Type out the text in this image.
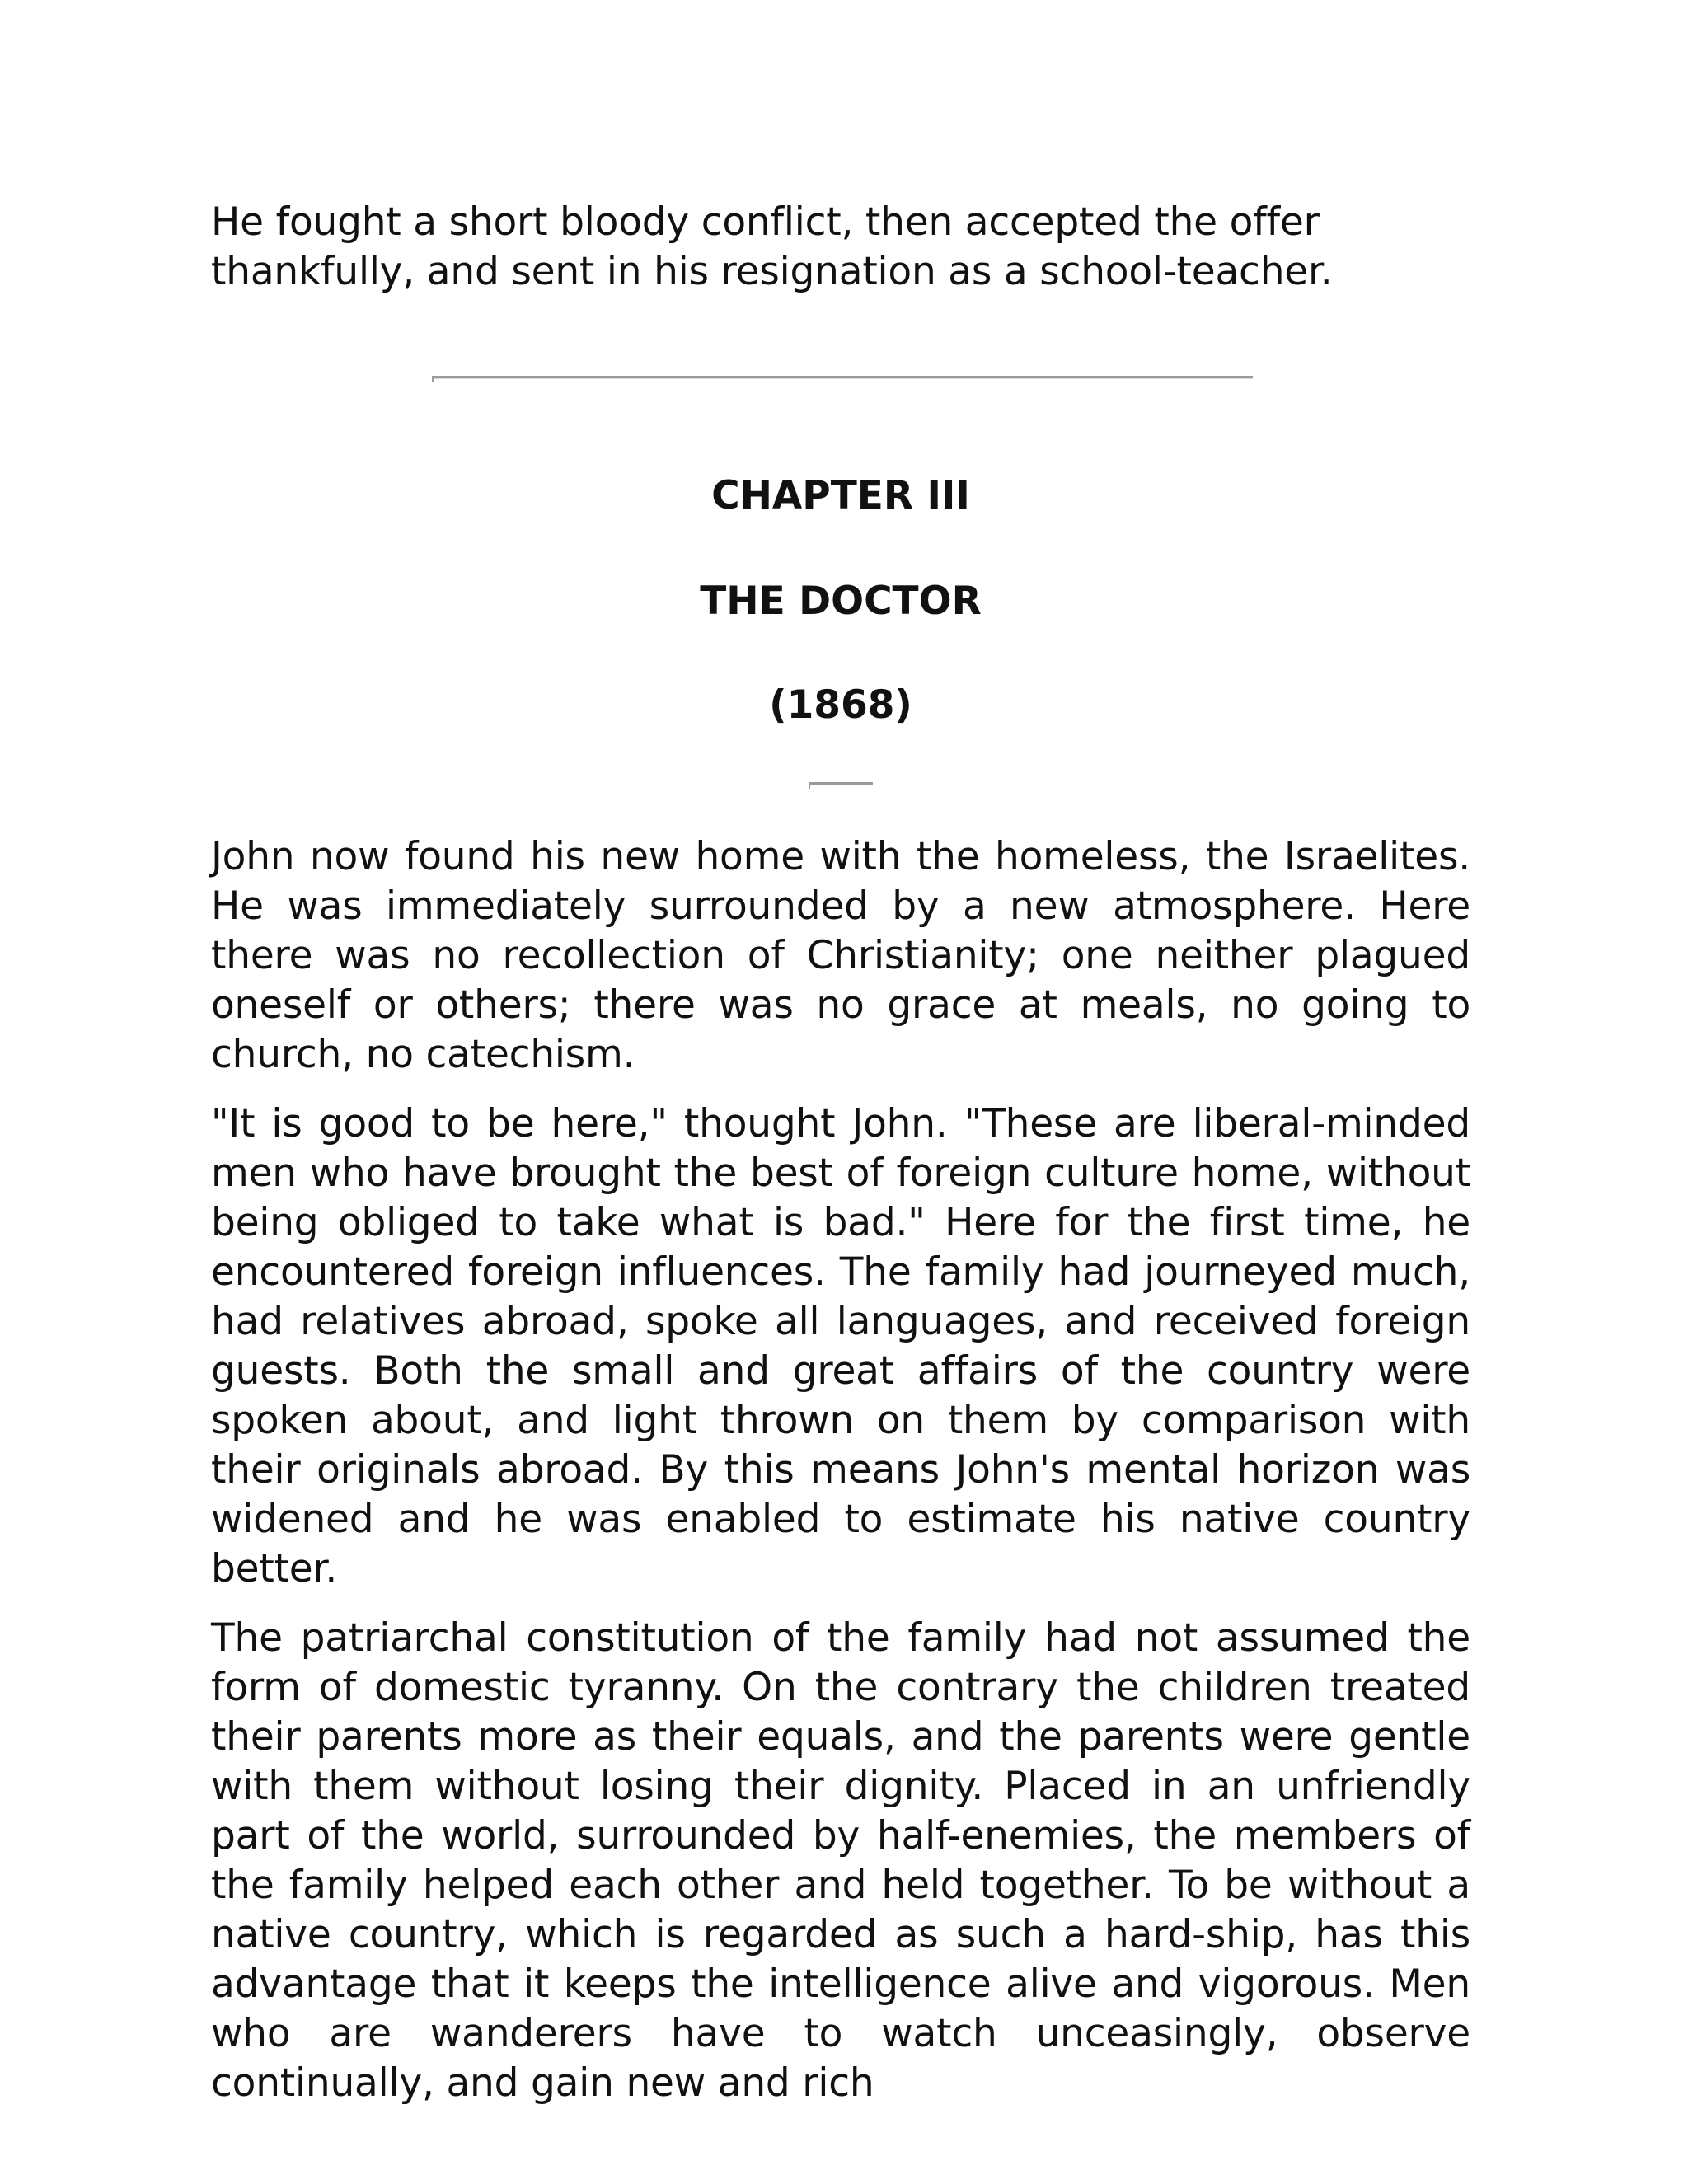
He fought a short bloody conflict, then accepted the offer thankfully, and sent in his resignation as a school-teacher.

CHAPTER III
THE DOCTOR
(1868)

John now found his new home with the homeless, the Israelites. He was immediately surrounded by a new atmosphere. Here there was no recollection of Christianity; one neither plagued oneself or others; there was no grace at meals, no going to church, no catechism.

"It is good to be here," thought John. "These are liberal-minded men who have brought the best of foreign culture home, without being obliged to take what is bad." Here for the first time, he encountered foreign influences. The family had journeyed much, had relatives abroad, spoke all languages, and received foreign guests. Both the small and great affairs of the country were spoken about, and light thrown on them by comparison with their originals abroad. By this means John's mental horizon was widened and he was enabled to estimate his native country better.

The patriarchal constitution of the family had not assumed the form of domestic tyranny. On the contrary the children treated their parents more as their equals, and the parents were gentle with them without losing their dignity. Placed in an unfriendly part of the world, surrounded by half-enemies, the members of the family helped each other and held together. To be without a native country, which is regarded as such a hard-ship, has this advantage that it keeps the intelligence alive and vigorous. Men who are wanderers have to watch unceasingly, observe continually, and gain new and rich
